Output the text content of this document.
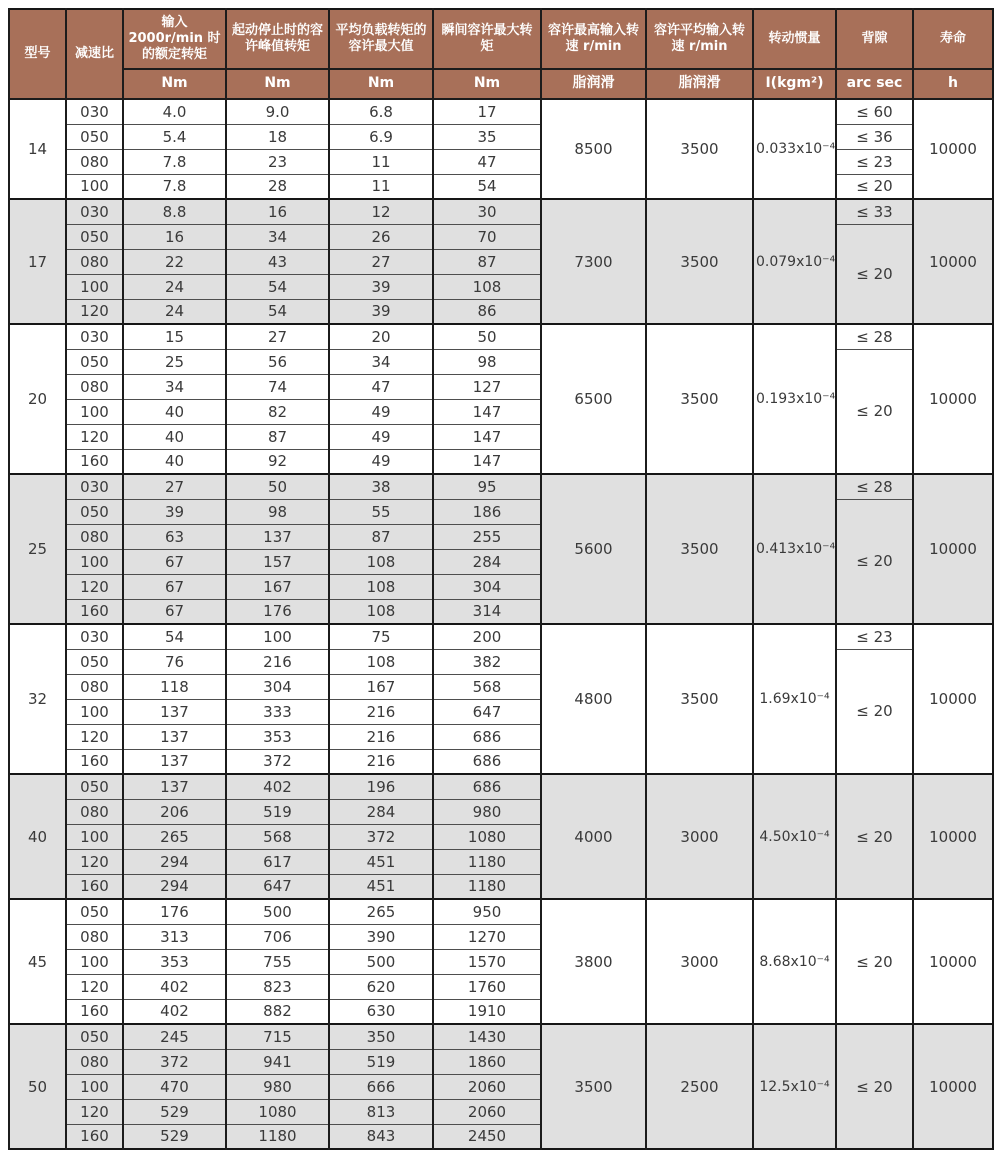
型号	减速比	输入 2000r/min 时的额定转矩	起动停止时的容许峰值转矩	平均负载转矩的容许最大值	瞬间容许最大转矩	容许最高输入转速 r/min	容许平均输入转速 r/min	转动惯量	背隙	寿命
		Nm	Nm	Nm	Nm	脂润滑	脂润滑	I(kgm²)	arc sec	h
14	030	4.0	9.0	6.8	17	8500	3500	0.033x10⁻⁴	≤ 60	10000
	050	5.4	18	6.9	35				≤ 36	
	080	7.8	23	11	47				≤ 23	
	100	7.8	28	11	54				≤ 20	
17	030	8.8	16	12	30	7300	3500	0.079x10⁻⁴	≤ 33	10000
	050	16	34	26	70				≤ 20	
	080	22	43	27	87					
	100	24	54	39	108					
	120	24	54	39	86					
20	030	15	27	20	50	6500	3500	0.193x10⁻⁴	≤ 28	10000
	050	25	56	34	98				≤ 20	
	080	34	74	47	127					
	100	40	82	49	147					
	120	40	87	49	147					
	160	40	92	49	147					
25	030	27	50	38	95	5600	3500	0.413x10⁻⁴	≤ 28	10000
	050	39	98	55	186				≤ 20	
	080	63	137	87	255					
	100	67	157	108	284					
	120	67	167	108	304					
	160	67	176	108	314					
32	030	54	100	75	200	4800	3500	1.69x10⁻⁴	≤ 23	10000
	050	76	216	108	382				≤ 20	
	080	118	304	167	568					
	100	137	333	216	647					
	120	137	353	216	686					
	160	137	372	216	686					
40	050	137	402	196	686	4000	3000	4.50x10⁻⁴	≤ 20	10000
	080	206	519	284	980					
	100	265	568	372	1080					
	120	294	617	451	1180					
	160	294	647	451	1180					
45	050	176	500	265	950	3800	3000	8.68x10⁻⁴	≤ 20	10000
	080	313	706	390	1270					
	100	353	755	500	1570					
	120	402	823	620	1760					
	160	402	882	630	1910					
50	050	245	715	350	1430	3500	2500	12.5x10⁻⁴	≤ 20	10000
	080	372	941	519	1860					
	100	470	980	666	2060					
	120	529	1080	813	2060					
	160	529	1180	843	2450					
